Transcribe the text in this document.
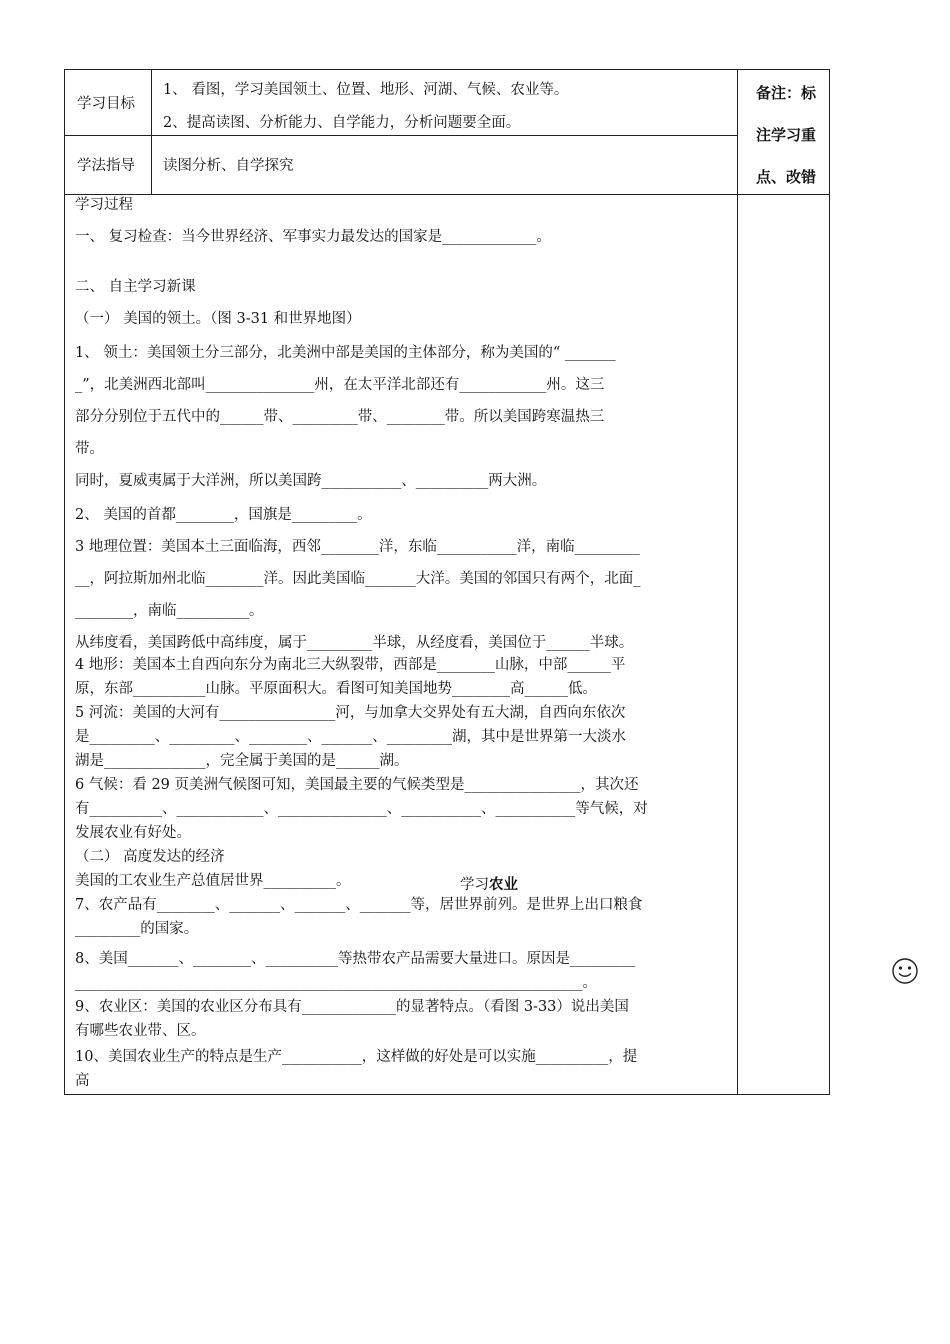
学习目标
1、 看图，学习美国领土、位置、地形、河湖、气候、农业等。
2、提高读图、分析能力、自学能力，分析问题要全面。
学法指导 读图分析、自学探究
备注：标
注学习重
点、改错
学习过程
一、 复习检查：当今世界经济、军事实力最发达的国家是_____________。
二、 自主学习新课
（一） 美国的领土。（图 3-31 和世界地图）
1、 领土：美国领土分三部分，北美洲中部是美国的主体部分，称为美国的“ _______
_”，北美洲西北部叫_______________州，在太平洋北部还有____________州。这三
部分分别位于五代中的______带、_________带、________带。所以美国跨寒温热三
带。
同时，夏威夷属于大洋洲，所以美国跨___________、__________两大洲。
2、 美国的首都________，国旗是_________。
3 地理位置：美国本土三面临海，西邻________洋，东临___________洋，南临_________
__，阿拉斯加州北临________洋。因此美国临_______大洋。美国的邻国只有两个，北面_
________，南临__________。
从纬度看，美国跨低中高纬度，属于_________半球，从经度看，美国位于______半球。
4 地形：美国本土自西向东分为南北三大纵裂带，西部是________山脉，中部______平
原，东部__________山脉。平原面积大。看图可知美国地势________高______低。
5 河流：美国的大河有________________河，与加拿大交界处有五大湖，自西向东依次
是_________、_________、________、_______、_________湖，其中是世界第一大淡水
湖是______________，完全属于美国的是______湖。
6 气候：看 29 页美洲气候图可知，美国最主要的气候类型是________________，其次还
有__________、____________、_______________、___________、___________等气候，对
发展农业有好处。
（二） 高度发达的经济
美国的工农业生产总值居世界__________。
7、农产品有________、_______、_______、_______等，居世界前列。是世界上出口粮食
_________的国家。
8、美国_______、________、__________等热带农产品需要大量进口。原因是_________
______________________________________________________________________。
9、农业区：美国的农业区分布具有_____________的显著特点。（看图 3-33）说出美国
有哪些农业带、区。
10、美国农业生产的特点是生产___________，这样做的好处是可以实施__________，提
高
学习农业
